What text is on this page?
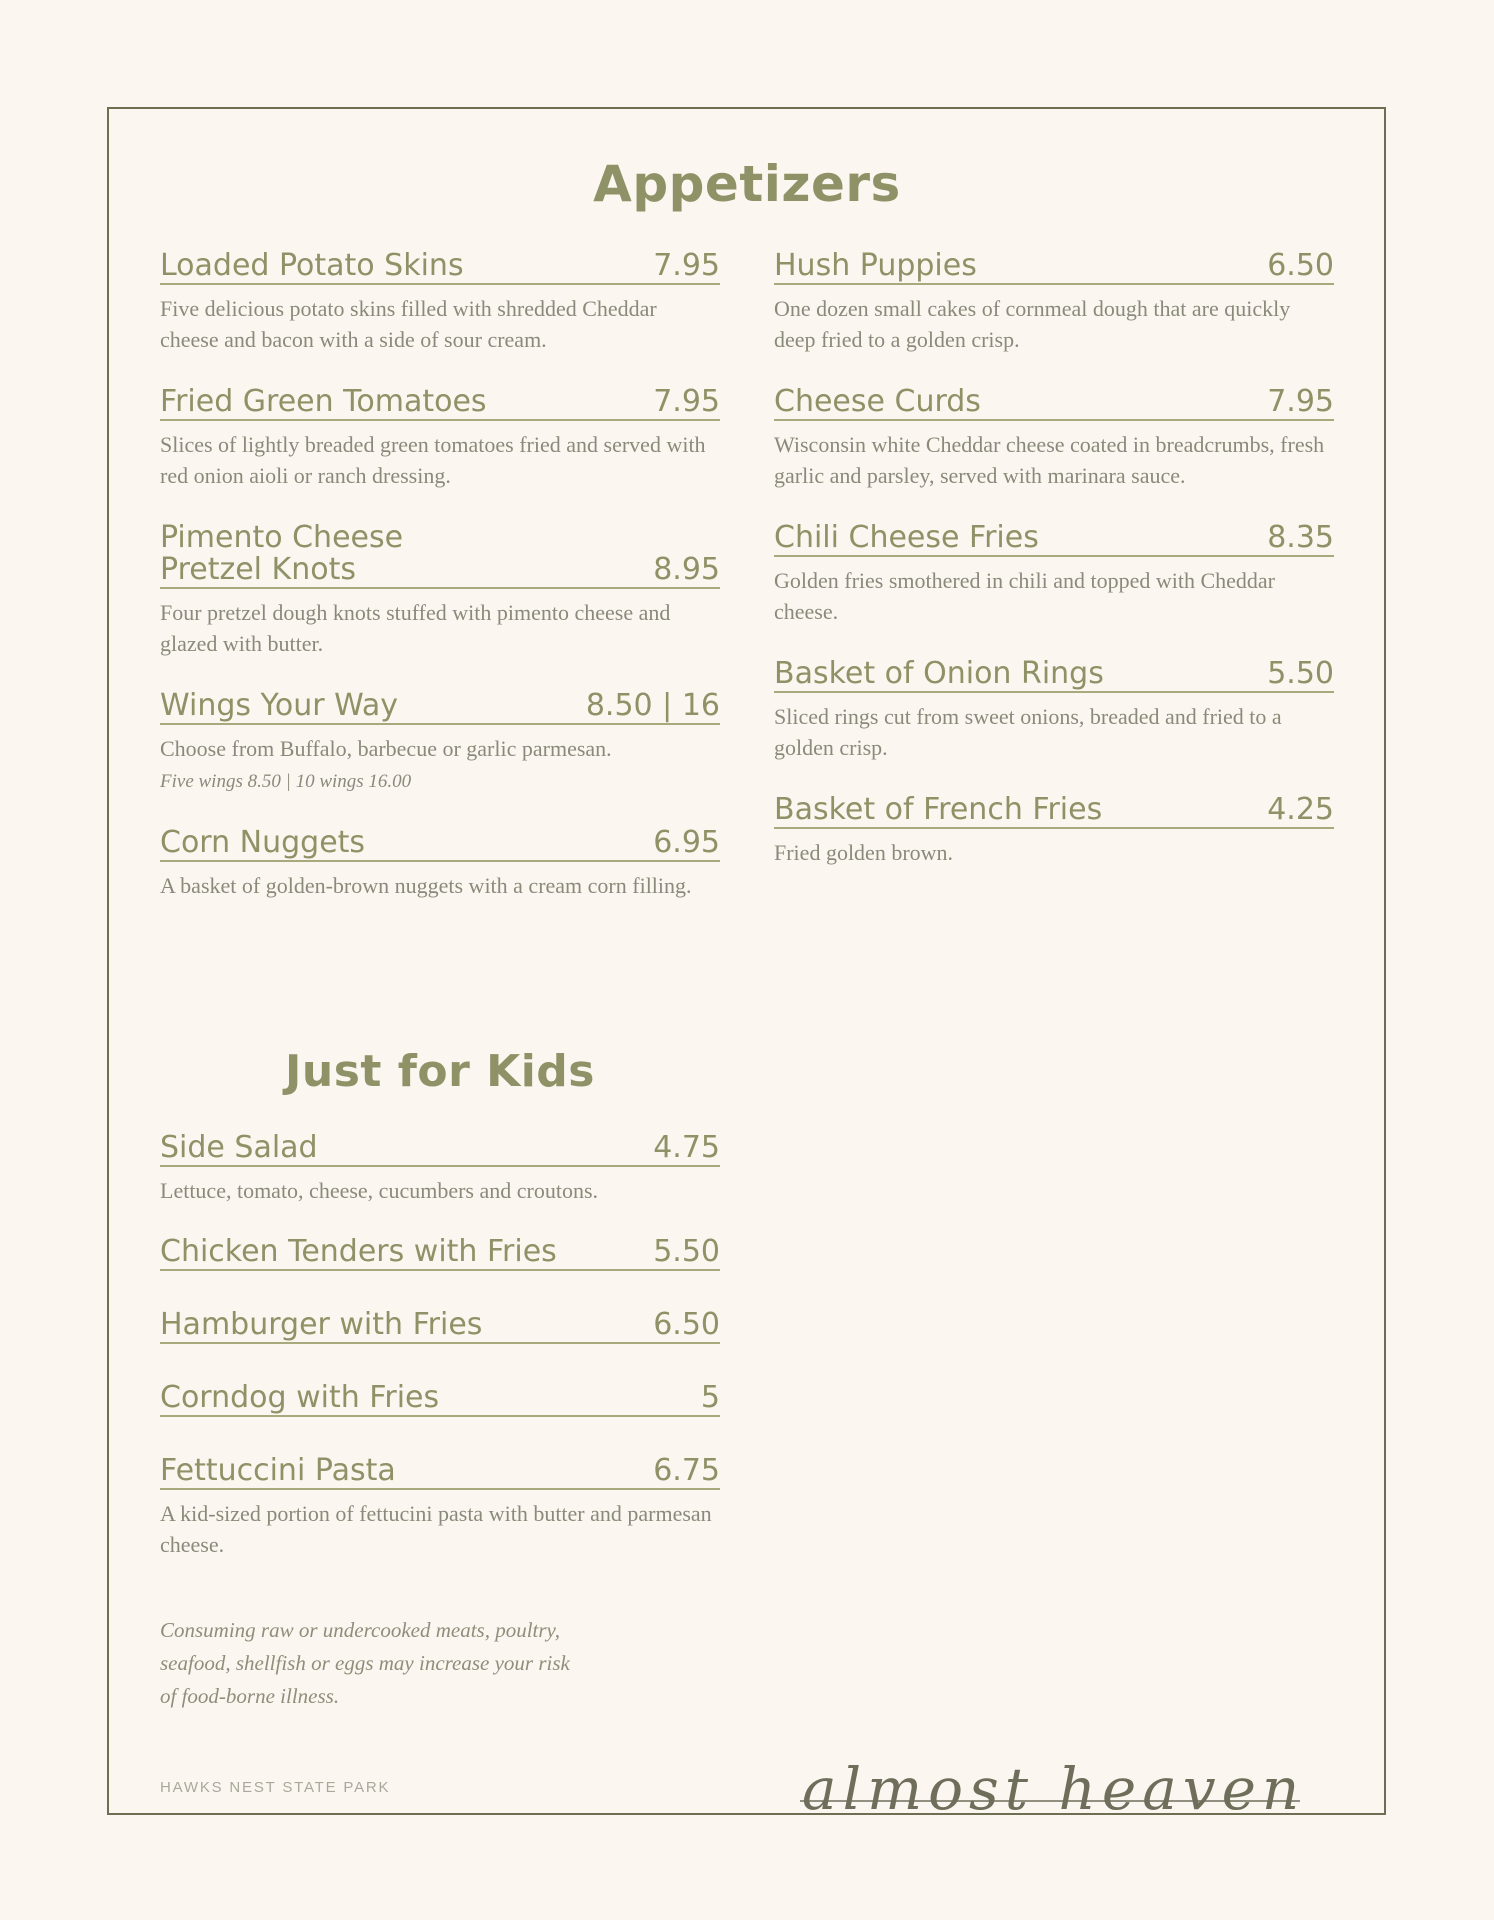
Appetizers
Loaded Potato Skins	7.95
Five delicious potato skins filled with shredded Cheddar cheese and bacon with a side of sour cream.
Fried Green Tomatoes	7.95
Slices of lightly breaded green tomatoes fried and served with red onion aioli or ranch dressing.
Pimento Cheese
Pretzel Knots	8.95
Four pretzel dough knots stuffed with pimento cheese and glazed with butter.
Wings Your Way	8.50 | 16
Choose from Buffalo, barbecue or garlic parmesan.
Five wings 8.50 | 10 wings 16.00
Corn Nuggets	6.95
A basket of golden-brown nuggets with a cream corn filling.
Hush Puppies	6.50
One dozen small cakes of cornmeal dough that are quickly deep fried to a golden crisp.
Cheese Curds	7.95
Wisconsin white Cheddar cheese coated in breadcrumbs, fresh garlic and parsley, served with marinara sauce.
Chili Cheese Fries	8.35
Golden fries smothered in chili and topped with Cheddar cheese.
Basket of Onion Rings	5.50
Sliced rings cut from sweet onions, breaded and fried to a golden crisp.
Basket of French Fries	4.25
Fried golden brown.
Just for Kids
Side Salad	4.75
Lettuce, tomato, cheese, cucumbers and croutons.
Chicken Tenders with Fries	5.50
Hamburger with Fries	6.50
Corndog with Fries	5
Fettuccini Pasta	6.75
A kid-sized portion of fettucini pasta with butter and parmesan cheese.
Consuming raw or undercooked meats, poultry, seafood, shellfish or eggs may increase your risk of food-borne illness.
HAWKS NEST STATE PARK	almost heaven
